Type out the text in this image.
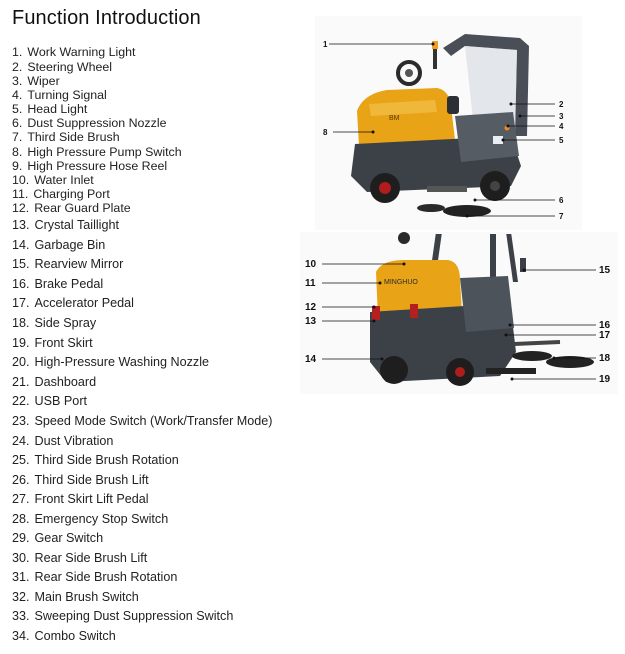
Function Introduction
1. Work Warning Light
2. Steering Wheel
3. Wiper
4. Turning Signal
5. Head Light
6. Dust Suppression Nozzle
7. Third Side Brush
8. High Pressure Pump Switch
9. High Pressure Hose Reel
10. Water Inlet
11. Charging Port
12. Rear Guard Plate
13. Crystal Taillight
14. Garbage Bin
15. Rearview Mirror
16. Brake Pedal
17. Accelerator Pedal
18. Side Spray
19. Front Skirt
20. High-Pressure Washing Nozzle
21. Dashboard
22. USB Port
23. Speed Mode Switch (Work/Transfer Mode)
24. Dust Vibration
25. Third Side Brush Rotation
26. Third Side Brush Lift
27. Front Skirt Lift Pedal
28. Emergency Stop Switch
29. Gear Switch
30. Rear Side Brush Lift
31. Rear Side Brush Rotation
32. Main Brush Switch
33. Sweeping Dust Suppression Switch
34. Combo Switch
BM
1
2
3
4
5
6
7
8
MINGHUO
10
11
12
13
14
15
16
17
18
19
